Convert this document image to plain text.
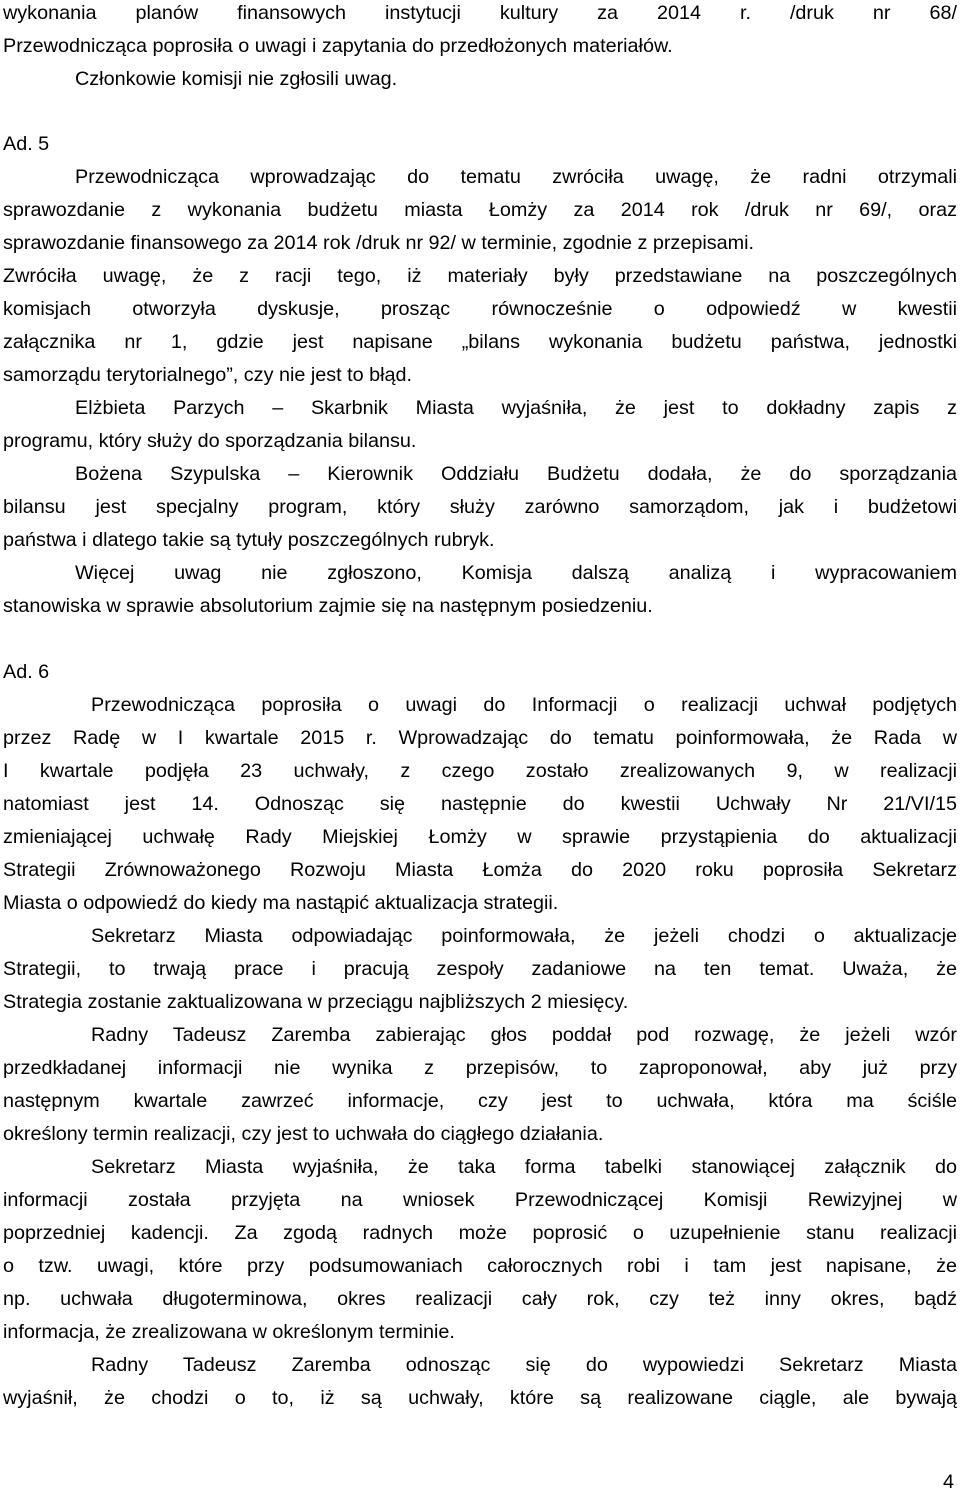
wykonania planów finansowych instytucji kultury za 2014 r. /druk nr 68/
Przewodnicząca poprosiła o uwagi i zapytania do przedłożonych materiałów.
Członkowie komisji nie zgłosili uwag.
Ad. 5
Przewodnicząca wprowadzając do tematu zwróciła uwagę, że radni otrzymali
sprawozdanie z wykonania budżetu miasta Łomży za 2014 rok /druk nr 69/, oraz
sprawozdanie finansowego za 2014 rok /druk nr 92/ w terminie, zgodnie z przepisami.
Zwróciła uwagę, że z racji tego, iż materiały były przedstawiane na poszczególnych
komisjach otworzyła dyskusje, prosząc równocześnie o odpowiedź w kwestii
załącznika nr 1, gdzie jest napisane „bilans wykonania budżetu państwa, jednostki
samorządu terytorialnego”, czy nie jest to błąd.
Elżbieta Parzych – Skarbnik Miasta wyjaśniła, że jest to dokładny zapis z
programu, który służy do sporządzania bilansu.
Bożena Szypulska – Kierownik Oddziału Budżetu dodała, że do sporządzania
bilansu jest specjalny program, który służy zarówno samorządom, jak i budżetowi
państwa i dlatego takie są tytuły poszczególnych rubryk.
Więcej uwag nie zgłoszono, Komisja dalszą analizą i wypracowaniem
stanowiska w sprawie absolutorium zajmie się na następnym posiedzeniu.
Ad. 6
Przewodnicząca poprosiła o uwagi do Informacji o realizacji uchwał podjętych
przez Radę w I kwartale 2015 r. Wprowadzając do tematu poinformowała, że Rada w
I kwartale podjęła 23 uchwały, z czego zostało zrealizowanych 9, w realizacji
natomiast jest 14. Odnosząc się następnie do kwestii Uchwały Nr 21/VI/15
zmieniającej uchwałę Rady Miejskiej Łomży w sprawie przystąpienia do aktualizacji
Strategii Zrównoważonego Rozwoju Miasta Łomża do 2020 roku poprosiła Sekretarz
Miasta o odpowiedź do kiedy ma nastąpić aktualizacja strategii.
Sekretarz Miasta odpowiadając poinformowała, że jeżeli chodzi o aktualizacje
Strategii, to trwają prace i pracują zespoły zadaniowe na ten temat. Uważa, że
Strategia zostanie zaktualizowana w przeciągu najbliższych 2 miesięcy.
Radny Tadeusz Zaremba zabierając głos poddał pod rozwagę, że jeżeli wzór
przedkładanej informacji nie wynika z przepisów, to zaproponował, aby już przy
następnym kwartale zawrzeć informacje, czy jest to uchwała, która ma ściśle
określony termin realizacji, czy jest to uchwała do ciągłego działania.
Sekretarz Miasta wyjaśniła, że taka forma tabelki stanowiącej załącznik do
informacji została przyjęta na wniosek Przewodniczącej Komisji Rewizyjnej w
poprzedniej kadencji. Za zgodą radnych może poprosić o uzupełnienie stanu realizacji
o tzw. uwagi, które przy podsumowaniach całorocznych robi i tam jest napisane, że
np. uchwała długoterminowa, okres realizacji cały rok, czy też inny okres, bądź
informacja, że zrealizowana w określonym terminie.
Radny Tadeusz Zaremba odnosząc się do wypowiedzi Sekretarz Miasta
wyjaśnił, że chodzi o to, iż są uchwały, które są realizowane ciągle, ale bywają
4
